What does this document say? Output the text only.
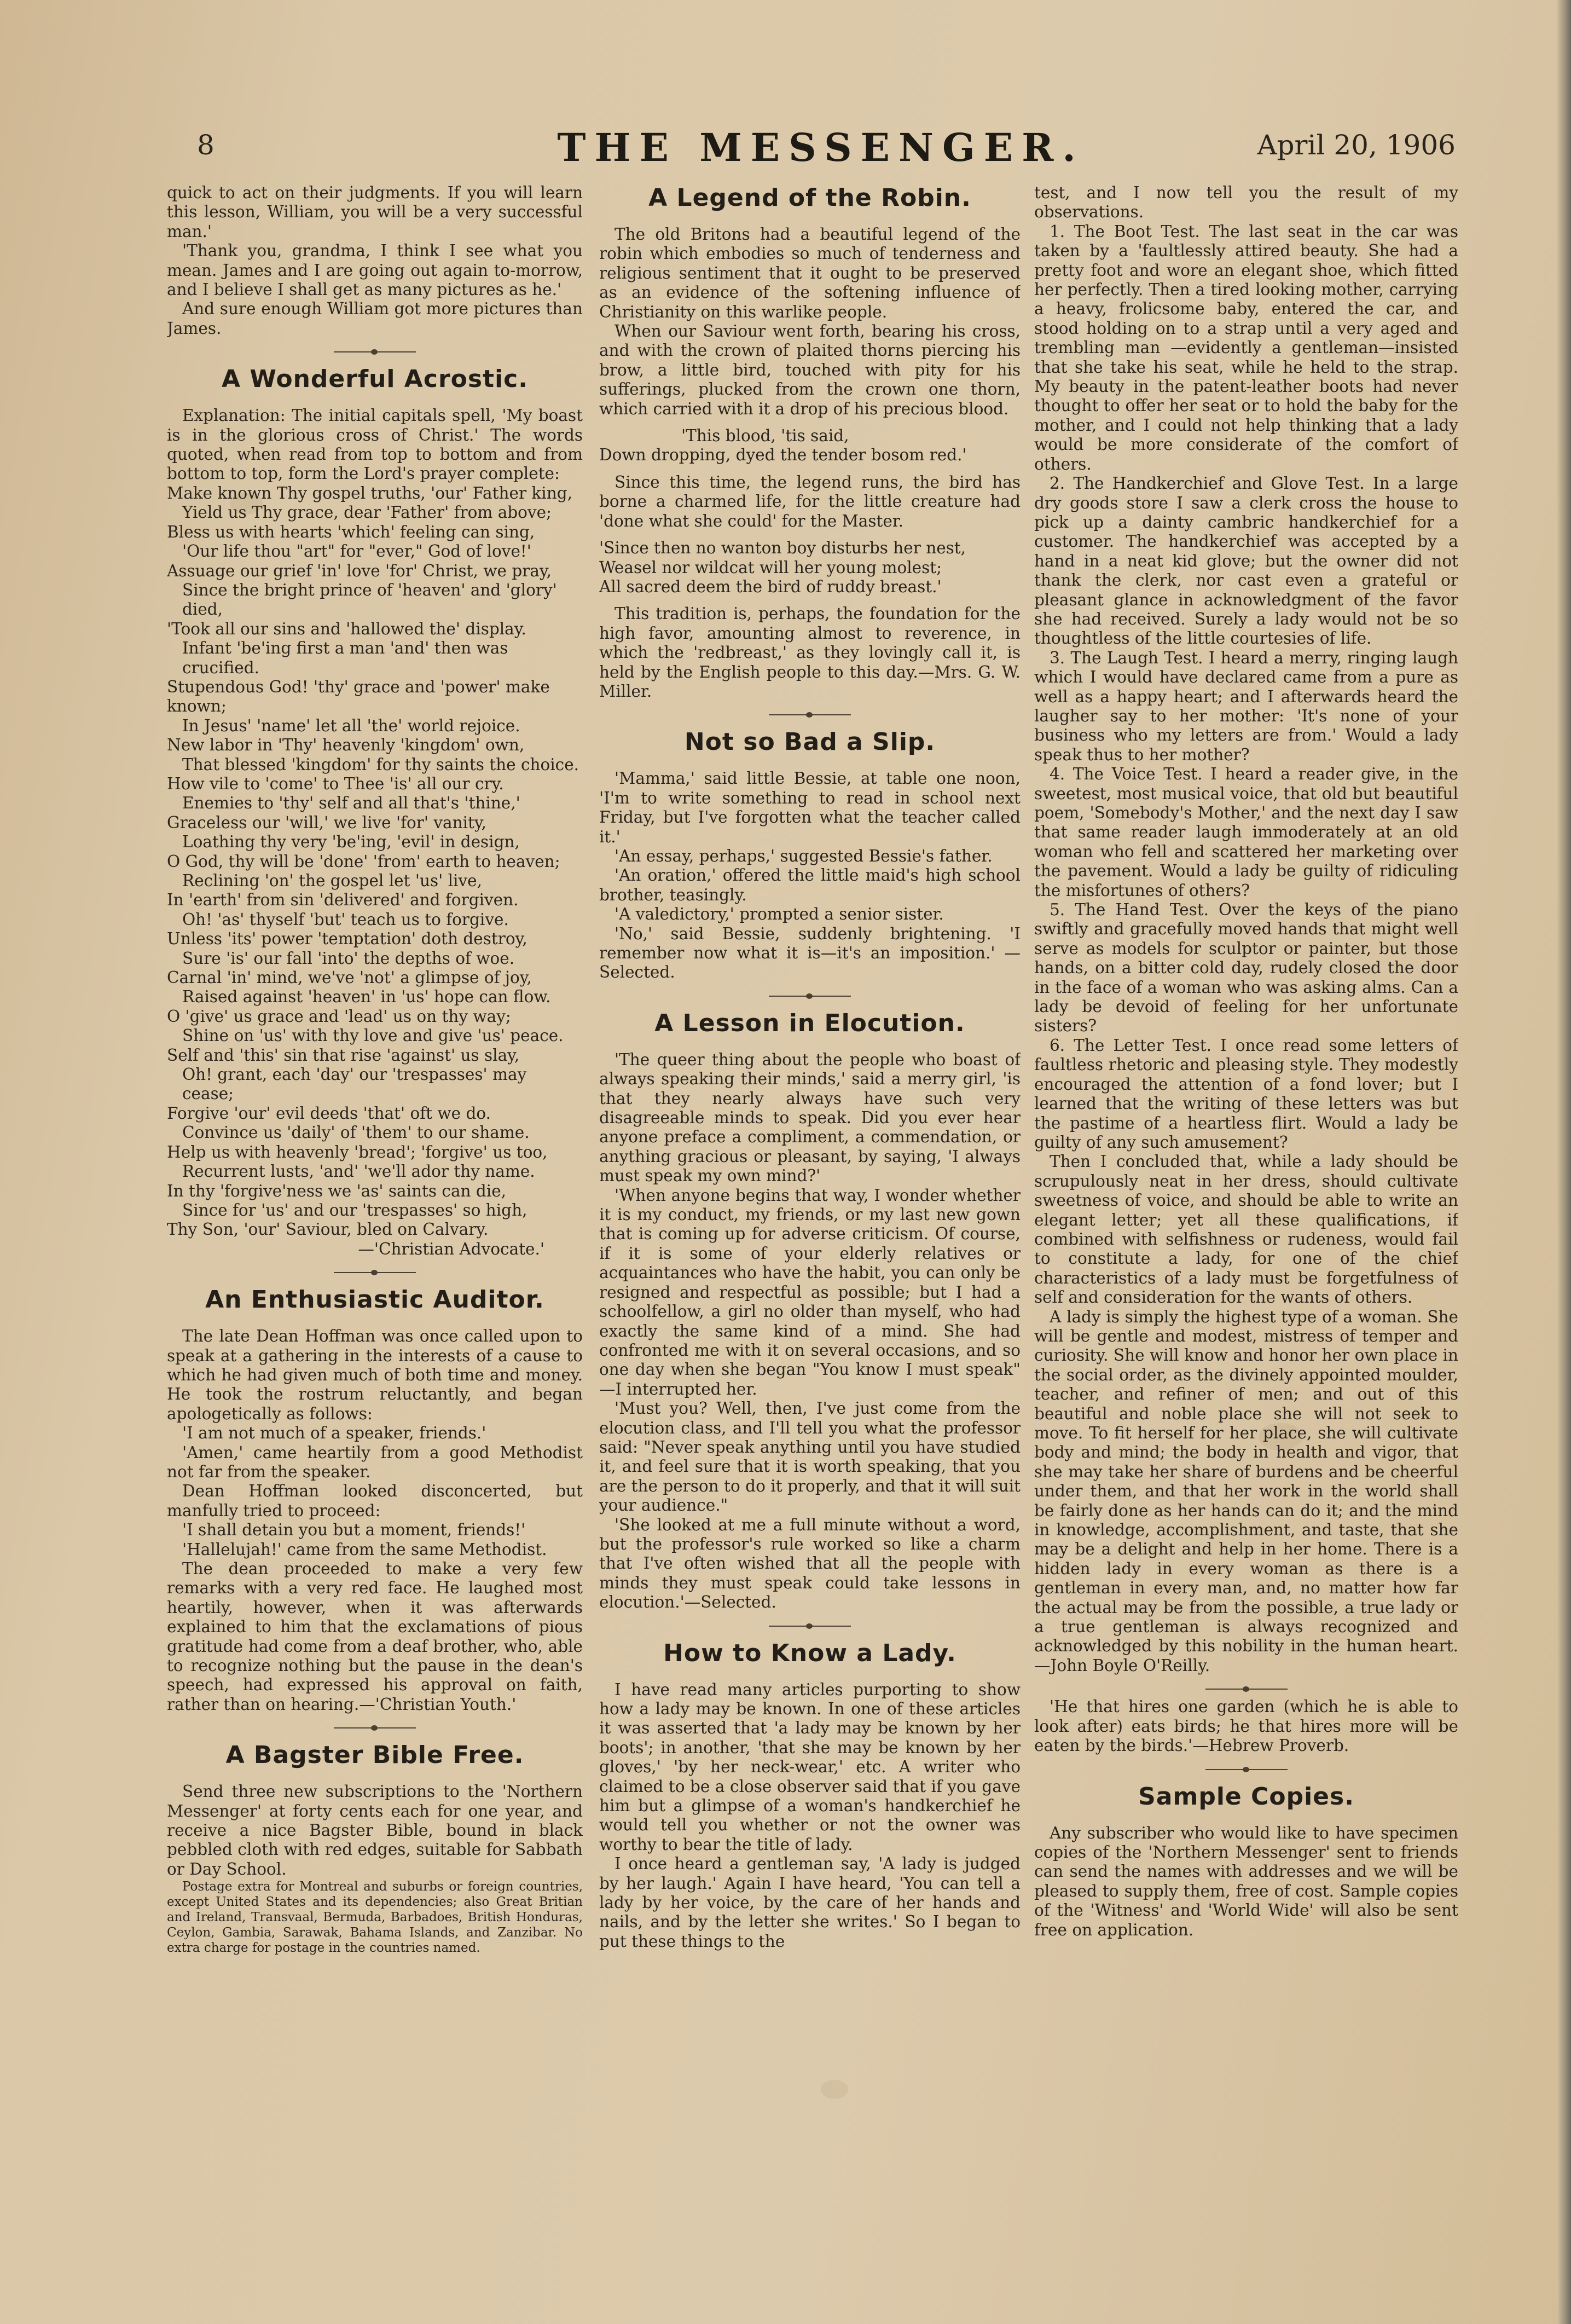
8	THE MESSENGER.	April 20, 1906

quick to act on their judgments. If you will learn this lesson, William, you will be a very successful man.'

'Thank you, grandma, I think I see what you mean. James and I are going out again to-morrow, and I believe I shall get as many pictures as he.'

And sure enough William got more pictures than James.

A Wonderful Acrostic.

Explanation: The initial capitals spell, 'My boast is in the glorious cross of Christ.' The words quoted, when read from top to bottom and from bottom to top, form the Lord's prayer complete:

Make known Thy gospel truths, 'our' Father king,
Yield us Thy grace, dear 'Father' from above;
Bless us with hearts 'which' feeling can sing,
'Our life thou "art" for "ever," God of love!'
Assuage our grief 'in' love 'for' Christ, we pray,
Since the bright prince of 'heaven' and 'glory' died,
'Took all our sins and 'hallowed the' display.
Infant 'be'ing first a man 'and' then was crucified.
Stupendous God! 'thy' grace and 'power' make known;
In Jesus' 'name' let all 'the' world rejoice.
New labor in 'Thy' heavenly 'kingdom' own,
That blessed 'kingdom' for thy saints the choice.
How vile to 'come' to Thee 'is' all our cry.
Enemies to 'thy' self and all that's 'thine,'
Graceless our 'will,' we live 'for' vanity,
Loathing thy very 'be'ing, 'evil' in design,
O God, thy will be 'done' 'from' earth to heaven;
Reclining 'on' the gospel let 'us' live,
In 'earth' from sin 'delivered' and forgiven.
Oh! 'as' thyself 'but' teach us to forgive.
Unless 'its' power 'temptation' doth destroy,
Sure 'is' our fall 'into' the depths of woe.
Carnal 'in' mind, we've 'not' a glimpse of joy,
Raised against 'heaven' in 'us' hope can flow.
O 'give' us grace and 'lead' us on thy way;
Shine on 'us' with thy love and give 'us' peace.
Self and 'this' sin that rise 'against' us slay,
Oh! grant, each 'day' our 'trespasses' may cease;
Forgive 'our' evil deeds 'that' oft we do.
Convince us 'daily' of 'them' to our shame.
Help us with heavenly 'bread'; 'forgive' us too,
Recurrent lusts, 'and' 'we'll ador thy name.
In thy 'forgive'ness we 'as' saints can die,
Since for 'us' and our 'trespasses' so high,
Thy Son, 'our' Saviour, bled on Calvary.
—'Christian Advocate.'
An Enthusiastic Auditor.

The late Dean Hoffman was once called upon to speak at a gathering in the interests of a cause to which he had given much of both time and money. He took the rostrum reluctantly, and began apologetically as follows:

'I am not much of a speaker, friends.'

'Amen,' came heartily from a good Methodist not far from the speaker.

Dean Hoffman looked disconcerted, but manfully tried to proceed:

'I shall detain you but a moment, friends!'

'Hallelujah!' came from the same Methodist.

The dean proceeded to make a very few remarks with a very red face. He laughed most heartily, however, when it was afterwards explained to him that the exclamations of pious gratitude had come from a deaf brother, who, able to recognize nothing but the pause in the dean's speech, had expressed his approval on faith, rather than on hearing.—'Christian Youth.'

A Bagster Bible Free.

Send three new subscriptions to the 'Northern Messenger' at forty cents each for one year, and receive a nice Bagster Bible, bound in black pebbled cloth with red edges, suitable for Sabbath or Day School.

Postage extra for Montreal and suburbs or foreign countries, except United States and its dependencies; also Great Britian and Ireland, Transvaal, Bermuda, Barbadoes, British Honduras, Ceylon, Gambia, Sarawak, Bahama Islands, and Zanzibar. No extra charge for postage in the countries named.

A Legend of the Robin.

The old Britons had a beautiful legend of the robin which embodies so much of tenderness and religious sentiment that it ought to be preserved as an evidence of the softening influence of Christianity on this warlike people.

When our Saviour went forth, bearing his cross, and with the crown of plaited thorns piercing his brow, a little bird, touched with pity for his sufferings, plucked from the crown one thorn, which carried with it a drop of his precious blood.

'This blood, 'tis said,
Down dropping, dyed the tender bosom red.'

Since this time, the legend runs, the bird has borne a charmed life, for the little creature had 'done what she could' for the Master.

'Since then no wanton boy disturbs her nest,
Weasel nor wildcat will her young molest;
All sacred deem the bird of ruddy breast.'

This tradition is, perhaps, the foundation for the high favor, amounting almost to reverence, in which the 'redbreast,' as they lovingly call it, is held by the English people to this day.—Mrs. G. W. Miller.

Not so Bad a Slip.

'Mamma,' said little Bessie, at table one noon, 'I'm to write something to read in school next Friday, but I've forgotten what the teacher called it.'

'An essay, perhaps,' suggested Bessie's father.

'An oration,' offered the little maid's high school brother, teasingly.

'A valedictory,' prompted a senior sister.

'No,' said Bessie, suddenly brightening. 'I remember now what it is—it's an imposition.' —Selected.

A Lesson in Elocution.

'The queer thing about the people who boast of always speaking their minds,' said a merry girl, 'is that they nearly always have such very disagreeable minds to speak. Did you ever hear anyone preface a compliment, a commendation, or anything gracious or pleasant, by saying, 'I always must speak my own mind?'

'When anyone begins that way, I wonder whether it is my conduct, my friends, or my last new gown that is coming up for adverse criticism. Of course, if it is some of your elderly relatives or acquaintances who have the habit, you can only be resigned and respectful as possible; but I had a schoolfellow, a girl no older than myself, who had exactly the same kind of a mind. She had confronted me with it on several occasions, and so one day when she began "You know I must speak" —I interrupted her.

'Must you? Well, then, I've just come from the elocution class, and I'll tell you what the professor said: "Never speak anything until you have studied it, and feel sure that it is worth speaking, that you are the person to do it properly, and that it will suit your audience."

'She looked at me a full minute without a word, but the professor's rule worked so like a charm that I've often wished that all the people with minds they must speak could take lessons in elocution.'—Selected.

How to Know a Lady.

I have read many articles purporting to show how a lady may be known. In one of these articles it was asserted that 'a lady may be known by her boots'; in another, 'that she may be known by her gloves,' 'by her neck-wear,' etc. A writer who claimed to be a close observer said that if you gave him but a glimpse of a woman's handkerchief he would tell you whether or not the owner was worthy to bear the title of lady.

I once heard a gentleman say, 'A lady is judged by her laugh.' Again I have heard, 'You can tell a lady by her voice, by the care of her hands and nails, and by the letter she writes.' So I began to put these things to the

test, and I now tell you the result of my observations.

1. The Boot Test. The last seat in the car was taken by a 'faultlessly attired beauty. She had a pretty foot and wore an elegant shoe, which fitted her perfectly. Then a tired looking mother, carrying a heavy, frolicsome baby, entered the car, and stood holding on to a strap until a very aged and trembling man —evidently a gentleman—insisted that she take his seat, while he held to the strap. My beauty in the patent-leather boots had never thought to offer her seat or to hold the baby for the mother, and I could not help thinking that a lady would be more considerate of the comfort of others.

2. The Handkerchief and Glove Test. In a large dry goods store I saw a clerk cross the house to pick up a dainty cambric handkerchief for a customer. The handkerchief was accepted by a hand in a neat kid glove; but the owner did not thank the clerk, nor cast even a grateful or pleasant glance in acknowledgment of the favor she had received. Surely a lady would not be so thoughtless of the little courtesies of life.

3. The Laugh Test. I heard a merry, ringing laugh which I would have declared came from a pure as well as a happy heart; and I afterwards heard the laugher say to her mother: 'It's none of your business who my letters are from.' Would a lady speak thus to her mother?

4. The Voice Test. I heard a reader give, in the sweetest, most musical voice, that old but beautiful poem, 'Somebody's Mother,' and the next day I saw that same reader laugh immoderately at an old woman who fell and scattered her marketing over the pavement. Would a lady be guilty of ridiculing the misfortunes of others?

5. The Hand Test. Over the keys of the piano swiftly and gracefully moved hands that might well serve as models for sculptor or painter, but those hands, on a bitter cold day, rudely closed the door in the face of a woman who was asking alms. Can a lady be devoid of feeling for her unfortunate sisters?

6. The Letter Test. I once read some letters of faultless rhetoric and pleasing style. They modestly encouraged the attention of a fond lover; but I learned that the writing of these letters was but the pastime of a heartless flirt. Would a lady be guilty of any such amusement?

Then I concluded that, while a lady should be scrupulously neat in her dress, should cultivate sweetness of voice, and should be able to write an elegant letter; yet all these qualifications, if combined with selfishness or rudeness, would fail to constitute a lady, for one of the chief characteristics of a lady must be forgetfulness of self and consideration for the wants of others.

A lady is simply the highest type of a woman. She will be gentle and modest, mistress of temper and curiosity. She will know and honor her own place in the social order, as the divinely appointed moulder, teacher, and refiner of men; and out of this beautiful and noble place she will not seek to move. To fit herself for her place, she will cultivate body and mind; the body in health and vigor, that she may take her share of burdens and be cheerful under them, and that her work in the world shall be fairly done as her hands can do it; and the mind in knowledge, accomplishment, and taste, that she may be a delight and help in her home. There is a hidden lady in every woman as there is a gentleman in every man, and, no matter how far the actual may be from the possible, a true lady or a true gentleman is always recognized and acknowledged by this nobility in the human heart.—John Boyle O'Reilly.

'He that hires one garden (which he is able to look after) eats birds; he that hires more will be eaten by the birds.'—Hebrew Proverb.

Sample Copies.

Any subscriber who would like to have specimen copies of the 'Northern Messenger' sent to friends can send the names with addresses and we will be pleased to supply them, free of cost. Sample copies of the 'Witness' and 'World Wide' will also be sent free on application.
